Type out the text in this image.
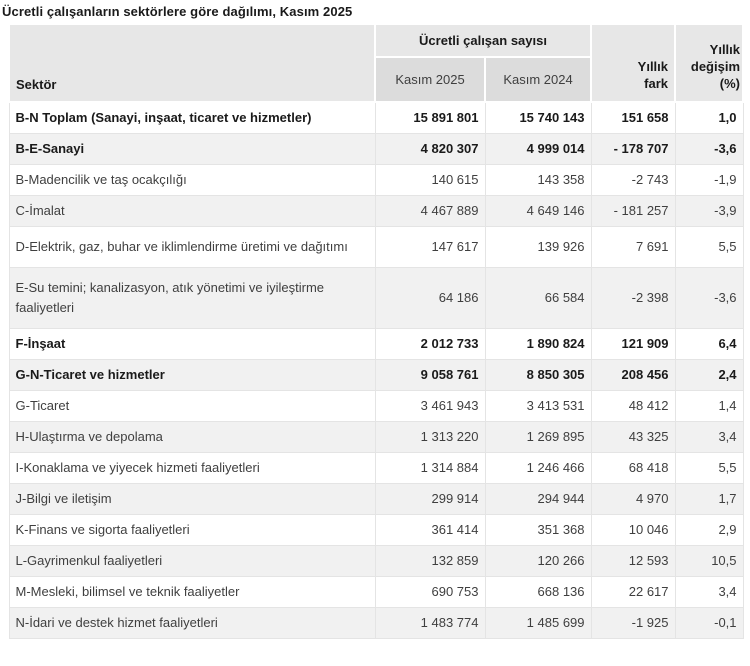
Ücretli çalışanların sektörlere göre dağılımı, Kasım 2025
Sektör	Ücretli çalışan sayısı		Yıllık fark	Yıllık değişim (%)
	Kasım 2025	Kasım 2024		
B-N Toplam (Sanayi, inşaat, ticaret ve hizmetler)	15 891 801	15 740 143	151 658	1,0
B-E-Sanayi	4 820 307	4 999 014	- 178 707	-3,6
B-Madencilik ve taş ocakçılığı	140 615	143 358	-2 743	-1,9
C-İmalat	4 467 889	4 649 146	- 181 257	-3,9
D-Elektrik, gaz, buhar ve iklimlendirme üretimi ve dağıtımı	147 617	139 926	7 691	5,5
E-Su temini; kanalizasyon, atık yönetimi ve iyileştirme faaliyetleri	64 186	66 584	-2 398	-3,6
F-İnşaat	2 012 733	1 890 824	121 909	6,4
G-N-Ticaret ve hizmetler	9 058 761	8 850 305	208 456	2,4
G-Ticaret	3 461 943	3 413 531	48 412	1,4
H-Ulaştırma ve depolama	1 313 220	1 269 895	43 325	3,4
I-Konaklama ve yiyecek hizmeti faaliyetleri	1 314 884	1 246 466	68 418	5,5
J-Bilgi ve iletişim	299 914	294 944	4 970	1,7
K-Finans ve sigorta faaliyetleri	361 414	351 368	10 046	2,9
L-Gayrimenkul faaliyetleri	132 859	120 266	12 593	10,5
M-Mesleki, bilimsel ve teknik faaliyetler	690 753	668 136	22 617	3,4
N-İdari ve destek hizmet faaliyetleri	1 483 774	1 485 699	-1 925	-0,1
